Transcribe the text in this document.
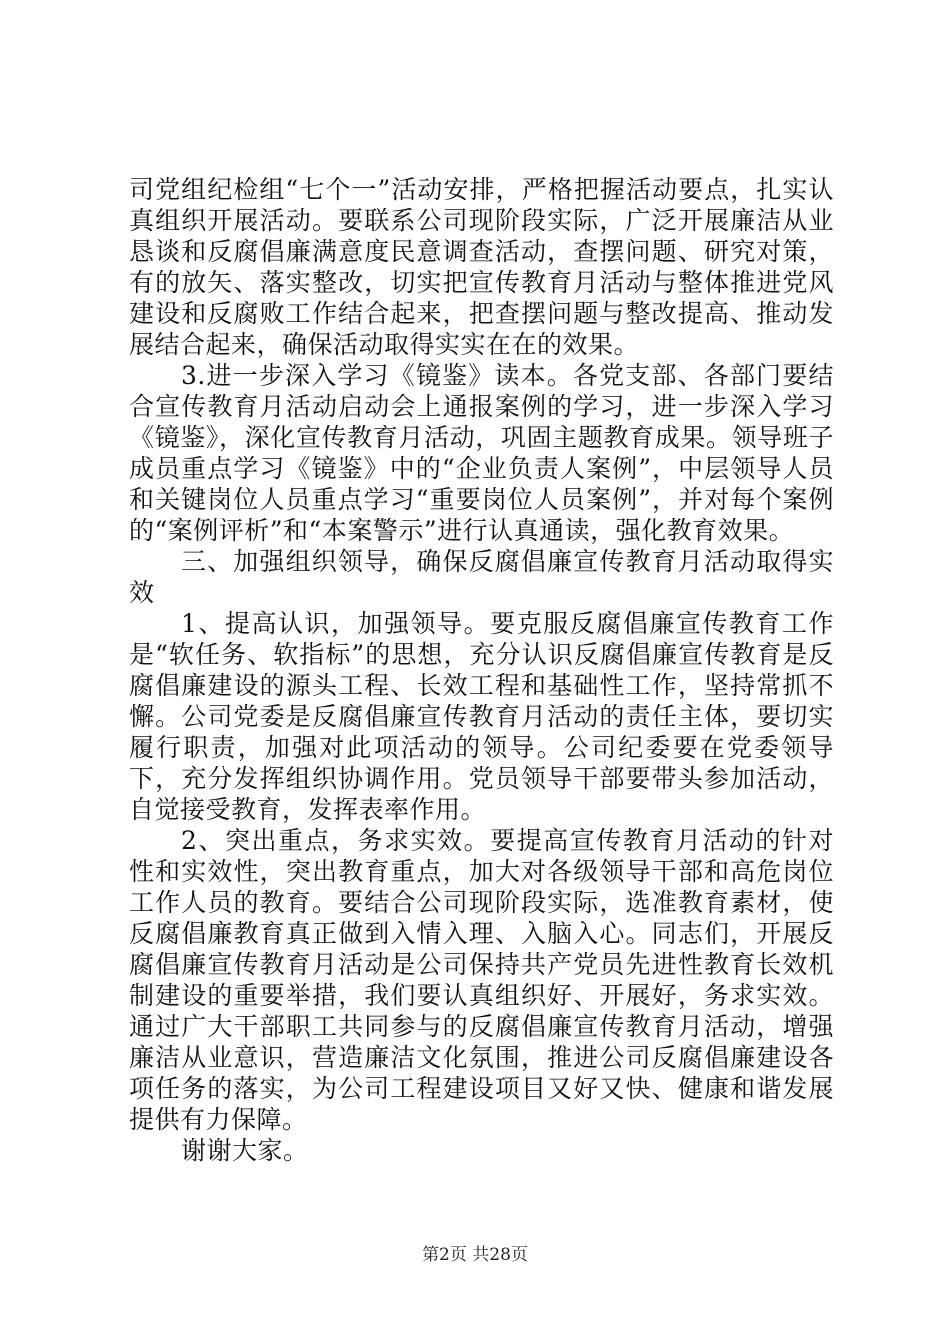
司党组纪检组“七个一”活动安排，严格把握活动要点，扎实认真组织开展活动。要联系公司现阶段实际，广泛开展廉洁从业恳谈和反腐倡廉满意度民意调查活动，查摆问题、研究对策，有的放矢、落实整改，切实把宣传教育月活动与整体推进党风建设和反腐败工作结合起来，把查摆问题与整改提高、推动发展结合起来，确保活动取得实实在在的效果。

3.进一步深入学习《镜鉴》读本。各党支部、各部门要结合宣传教育月活动启动会上通报案例的学习，进一步深入学习《镜鉴》，深化宣传教育月活动，巩固主题教育成果。领导班子成员重点学习《镜鉴》中的“企业负责人案例”，中层领导人员和关键岗位人员重点学习“重要岗位人员案例”，并对每个案例的“案例评析”和“本案警示”进行认真通读，强化教育效果。

三、加强组织领导，确保反腐倡廉宣传教育月活动取得实效

1、提高认识，加强领导。要克服反腐倡廉宣传教育工作是“软任务、软指标”的思想，充分认识反腐倡廉宣传教育是反腐倡廉建设的源头工程、长效工程和基础性工作，坚持常抓不懈。公司党委是反腐倡廉宣传教育月活动的责任主体，要切实履行职责，加强对此项活动的领导。公司纪委要在党委领导下，充分发挥组织协调作用。党员领导干部要带头参加活动，自觉接受教育，发挥表率作用。

2、突出重点，务求实效。要提高宣传教育月活动的针对性和实效性，突出教育重点，加大对各级领导干部和高危岗位工作人员的教育。要结合公司现阶段实际，选准教育素材，使反腐倡廉教育真正做到入情入理、入脑入心。同志们，开展反腐倡廉宣传教育月活动是公司保持共产党员先进性教育长效机制建设的重要举措，我们要认真组织好、开展好，务求实效。通过广大干部职工共同参与的反腐倡廉宣传教育月活动，增强廉洁从业意识，营造廉洁文化氛围，推进公司反腐倡廉建设各项任务的落实，为公司工程建设项目又好又快、健康和谐发展提供有力保障。

谢谢大家。

第2页 共28页
